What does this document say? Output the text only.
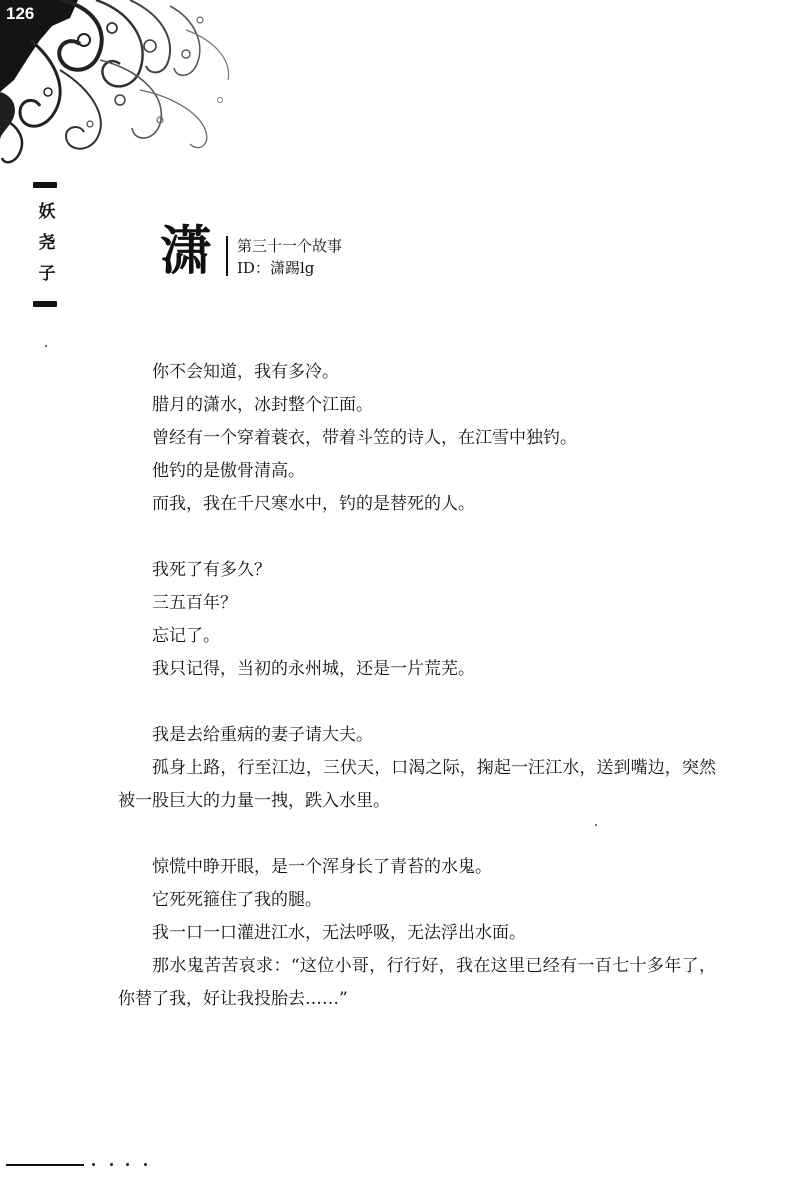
126
妖尧子 潇 第三十一个故事
ID：潇踢lg

你不会知道，我有多冷。

腊月的潇水，冰封整个江面。

曾经有一个穿着蓑衣，带着斗笠的诗人，在江雪中独钓。

他钓的是傲骨清高。

而我，我在千尺寒水中，钓的是替死的人。

我死了有多久？

三五百年？

忘记了。

我只记得，当初的永州城，还是一片荒芜。

我是去给重病的妻子请大夫。

孤身上路，行至江边，三伏天，口渴之际，掬起一汪江水，送到嘴边，突然被一股巨大的力量一拽，跌入水里。

惊慌中睁开眼，是一个浑身长了青苔的水鬼。

它死死箍住了我的腿。

我一口一口灌进江水，无法呼吸，无法浮出水面。

那水鬼苦苦哀求：“这位小哥，行行好，我在这里已经有一百七十多年了，你替了我，好让我投胎去……”
